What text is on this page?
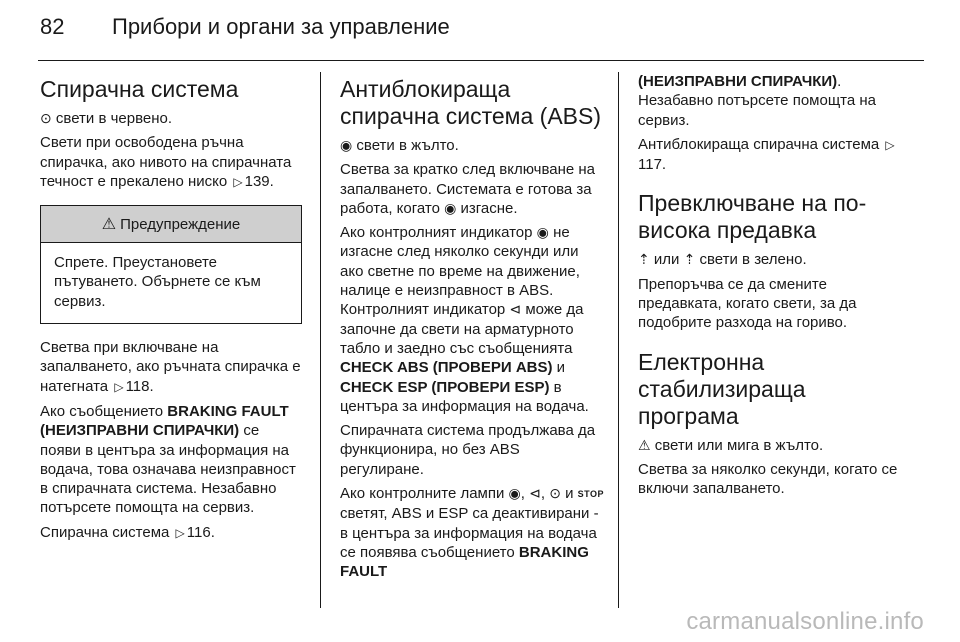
82	Прибори и органи за управление
Спирачна система

⊙ свети в червено.

Свети при освободена ръчна спирачка, ако нивото на спирачната течност е прекалено ниско ▷ 139.

⚠ Предупреждение
Спрете. Преустановете пътуването. Обърнете се към сервиз.

Светва при включване на запалването, ако ръчната спирачка е натегната ▷ 118.

Ако съобщението BRAKING FAULT (НЕИЗПРАВНИ СПИРАЧКИ) се появи в центъра за информация на водача, това означава неизправност в спирачната система. Незабавно потърсете помощта на сервиз.

Спирачна система ▷ 116.

Антиблокираща спирачна система (ABS)

◉ свети в жълто.

Светва за кратко след включване на запалването. Системата е готова за работа, когато ◉ изгасне.

Ако контролният индикатор ◉ не изгасне след няколко секунди или ако светне по време на движение, налице е неизправност в ABS. Контролният индикатор ⊲ може да започне да свети на арматурното табло и заедно със съобщенията CHECK ABS (ПРОВЕРИ ABS) и CHECK ESP (ПРОВЕРИ ESP) в центъра за информация на водача.

Спирачната система продължава да функционира, но без ABS регулиране.

Ако контролните лампи ◉, ⊲, ⊙ и STOP светят, ABS и ESP са деактивирани - в центъра за информация на водача се появява съобщението BRAKING FAULT

(НЕИЗПРАВНИ СПИРАЧКИ).

Незабавно потърсете помощта на сервиз.

Антиблокираща спирачна система ▷117.

Превключване на по-високa предавка

⇡ или ⇡ свети в зелено.

Препоръчва се да смените предавката, когато свети, за да подобрите разхода на гориво.

Електронна стабилизираща програма

⚠ свети или мига в жълто.

Светва за няколко секунди, когато се включи запалването.

carmanualsonline.info
